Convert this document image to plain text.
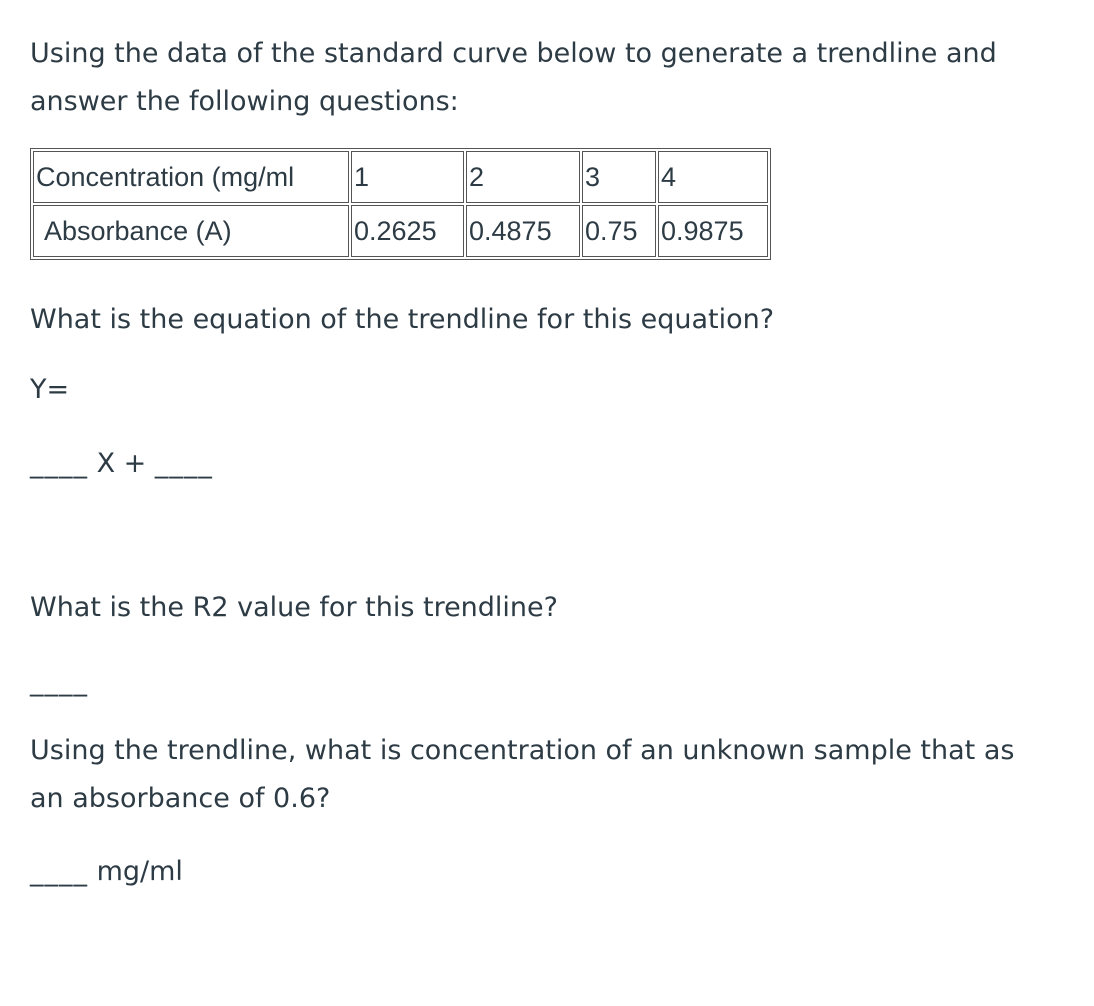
Using the data of the standard curve below to generate a trendline and
answer the following questions:

Concentration (mg/ml	1	2	3	4
Absorbance (A)	0.2625	0.4875	0.75	0.9875

What is the equation of the trendline for this equation?

Y=

____ X + ____

What is the R2 value for this trendline?

____

Using the trendline, what is concentration of an unknown sample that as
an absorbance of 0.6?

____ mg/ml
